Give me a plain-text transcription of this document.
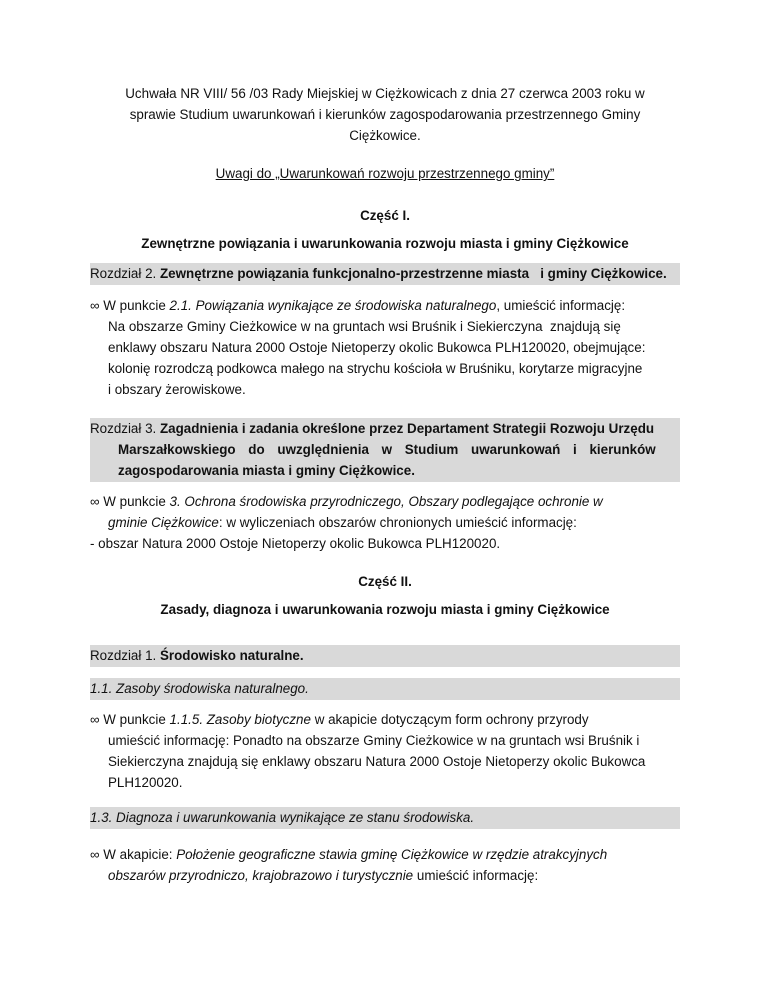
Uchwała NR VIII/ 56 /03 Rady Miejskiej w Ciężkowicach z dnia 27 czerwca 2003 roku w
sprawie Studium uwarunkowań i kierunków zagospodarowania przestrzennego Gminy
Ciężkowice.
Uwagi do „Uwarunkowań rozwoju przestrzennego gminy”
Część I.
Zewnętrzne powiązania i uwarunkowania rozwoju miasta i gminy Ciężkowice
Rozdział 2. Zewnętrzne powiązania funkcjonalno-przestrzenne miasta   i gminy Ciężkowice.
∞ W punkcie 2.1. Powiązania wynikające ze środowiska naturalnego, umieścić informację:
Na obszarze Gminy Cieżkowice w na gruntach wsi Bruśnik i Siekierczyna  znajdują się
enklawy obszaru Natura 2000 Ostoje Nietoperzy okolic Bukowca PLH120020, obejmujące:
kolonię rozrodczą podkowca małego na strychu kościoła w Bruśniku, korytarze migracyjne
i obszary żerowiskowe.
Rozdział 3. Zagadnienia i zadania określone przez Departament Strategii Rozwoju Urzędu
Marszałkowskiego do uwzględnienia w Studium uwarunkowań i kierunków
zagospodarowania miasta i gminy Ciężkowice.
∞ W punkcie 3. Ochrona środowiska przyrodniczego, Obszary podlegające ochronie w
gminie Ciężkowice: w wyliczeniach obszarów chronionych umieścić informację:
- obszar Natura 2000 Ostoje Nietoperzy okolic Bukowca PLH120020.
Część II.
Zasady, diagnoza i uwarunkowania rozwoju miasta i gminy Ciężkowice
Rozdział 1. Środowisko naturalne.
1.1. Zasoby środowiska naturalnego.
∞ W punkcie 1.1.5. Zasoby biotyczne w akapicie dotyczącym form ochrony przyrody
umieścić informację: Ponadto na obszarze Gminy Cieżkowice w na gruntach wsi Bruśnik i
Siekierczyna znajdują się enklawy obszaru Natura 2000 Ostoje Nietoperzy okolic Bukowca
PLH120020.
1.3. Diagnoza i uwarunkowania wynikające ze stanu środowiska.
∞ W akapicie: Położenie geograficzne stawia gminę Ciężkowice w rzędzie atrakcyjnych
obszarów przyrodniczo, krajobrazowo i turystycznie umieścić informację:
